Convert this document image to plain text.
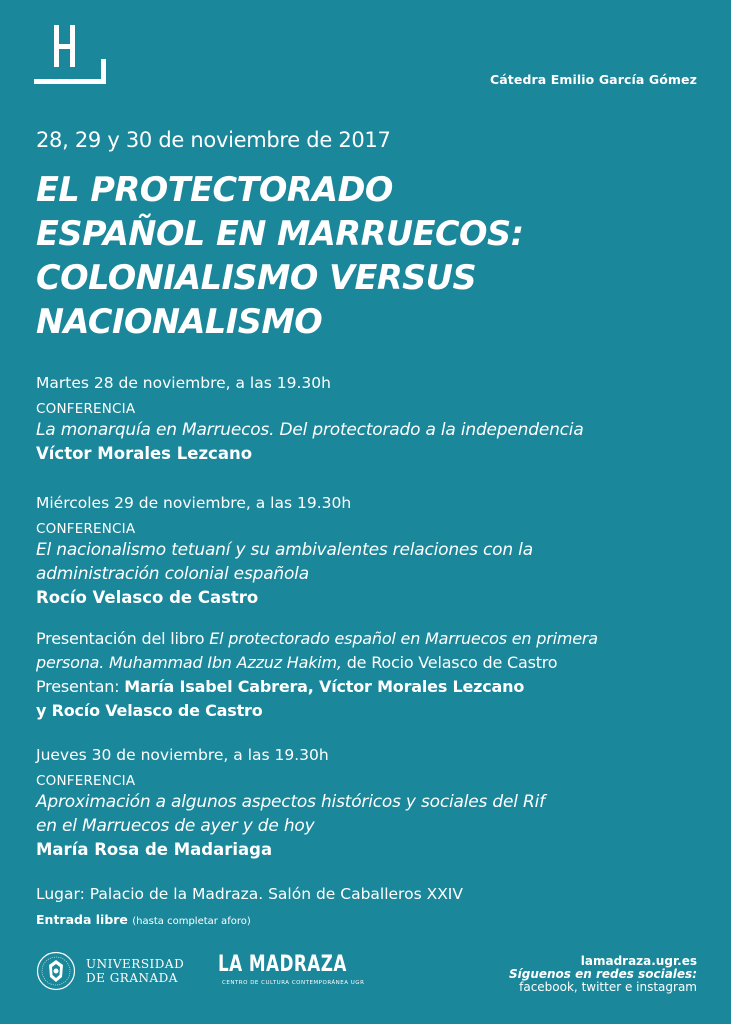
Cátedra Emilio García Gómez
28, 29 y 30 de noviembre de 2017
EL PROTECTORADO
ESPAÑOL EN MARRUECOS:
COLONIALISMO VERSUS
NACIONALISMO
Martes 28 de noviembre, a las 19.30h
CONFERENCIA
La monarquía en Marruecos. Del protectorado a la independencia
Víctor Morales Lezcano
Miércoles 29 de noviembre, a las 19.30h
CONFERENCIA
El nacionalismo tetuaní y su ambivalentes relaciones con la
administración colonial española
Rocío Velasco de Castro
Presentación del libro El protectorado español en Marruecos en primera
persona. Muhammad Ibn Azzuz Hakim, de Rocio Velasco de Castro
Presentan: María Isabel Cabrera, Víctor Morales Lezcano
y Rocío Velasco de Castro
Jueves 30 de noviembre, a las 19.30h
CONFERENCIA
Aproximación a algunos aspectos históricos y sociales del Rif
en el Marruecos de ayer y de hoy
María Rosa de Madariaga
Lugar: Palacio de la Madraza. Salón de Caballeros XXIV
Entrada libre (hasta completar aforo)
UNIVERSIDAD
DE GRANADA
LA MADRAZA
CENTRO DE CULTURA CONTEMPORÁNEA UGR
lamadraza.ugr.es
Síguenos en redes sociales:
facebook, twitter e instagram
